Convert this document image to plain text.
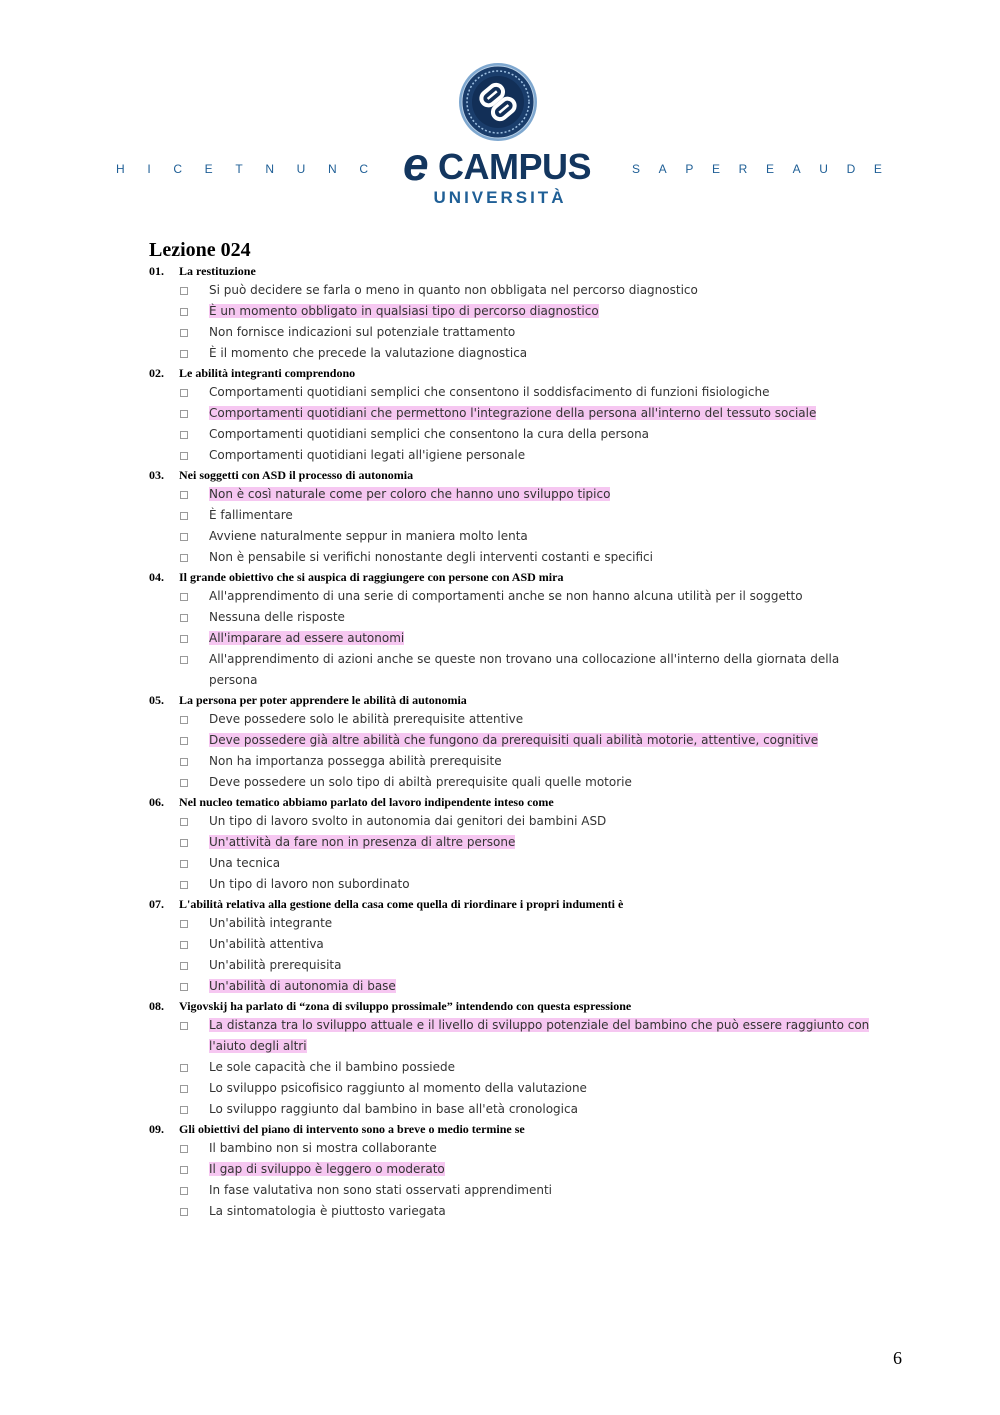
H I C E T N U N C e CAMPUS	S A P E R E A U D E
UNIVERSITÀ
Lezione 024
01. La restituzione
Si può decidere se farla o meno in quanto non obbligata nel percorso diagnostico
È un momento obbligato in qualsiasi tipo di percorso diagnostico
Non fornisce indicazioni sul potenziale trattamento
È il momento che precede la valutazione diagnostica
02. Le abilità integranti comprendono
Comportamenti quotidiani semplici che consentono il soddisfacimento di funzioni fisiologiche
Comportamenti quotidiani che permettono l'integrazione della persona all'interno del tessuto sociale
Comportamenti quotidiani semplici che consentono la cura della persona
Comportamenti quotidiani legati all'igiene personale
03. Nei soggetti con ASD il processo di autonomia
Non è così naturale come per coloro che hanno uno sviluppo tipico
È fallimentare
Avviene naturalmente seppur in maniera molto lenta
Non è pensabile si verifichi nonostante degli interventi costanti e specifici
04. Il grande obiettivo che si auspica di raggiungere con persone con ASD mira
All'apprendimento di una serie di comportamenti anche se non hanno alcuna utilità per il soggetto
Nessuna delle risposte
All'imparare ad essere autonomi
All'apprendimento di azioni anche se queste non trovano una collocazione all'interno della giornata della persona
05. La persona per poter apprendere le abilità di autonomia
Deve possedere solo le abilità prerequisite attentive
Deve possedere già altre abilità che fungono da prerequisiti quali abilità motorie, attentive, cognitive
Non ha importanza possegga abilità prerequisite
Deve possedere un solo tipo di abiltà prerequisite quali quelle motorie
06. Nel nucleo tematico abbiamo parlato del lavoro indipendente inteso come
Un tipo di lavoro svolto in autonomia dai genitori dei bambini ASD
Un'attività da fare non in presenza di altre persone
Una tecnica
Un tipo di lavoro non subordinato
07. L'abilità relativa alla gestione della casa come quella di riordinare i propri indumenti è
Un'abilità integrante
Un'abilità attentiva
Un'abilità prerequisita
Un'abilità di autonomia di base
08. Vigovskij ha parlato di “zona di sviluppo prossimale” intendendo con questa espressione
La distanza tra lo sviluppo attuale e il livello di sviluppo potenziale del bambino che può essere raggiunto con l'aiuto degli altri
Le sole capacità che il bambino possiede
Lo sviluppo psicofisico raggiunto al momento della valutazione
Lo sviluppo raggiunto dal bambino in base all'età cronologica
09. Gli obiettivi del piano di intervento sono a breve o medio termine se
Il bambino non si mostra collaborante
Il gap di sviluppo è leggero o moderato
In fase valutativa non sono stati osservati apprendimenti
La sintomatologia è piuttosto variegata
6
